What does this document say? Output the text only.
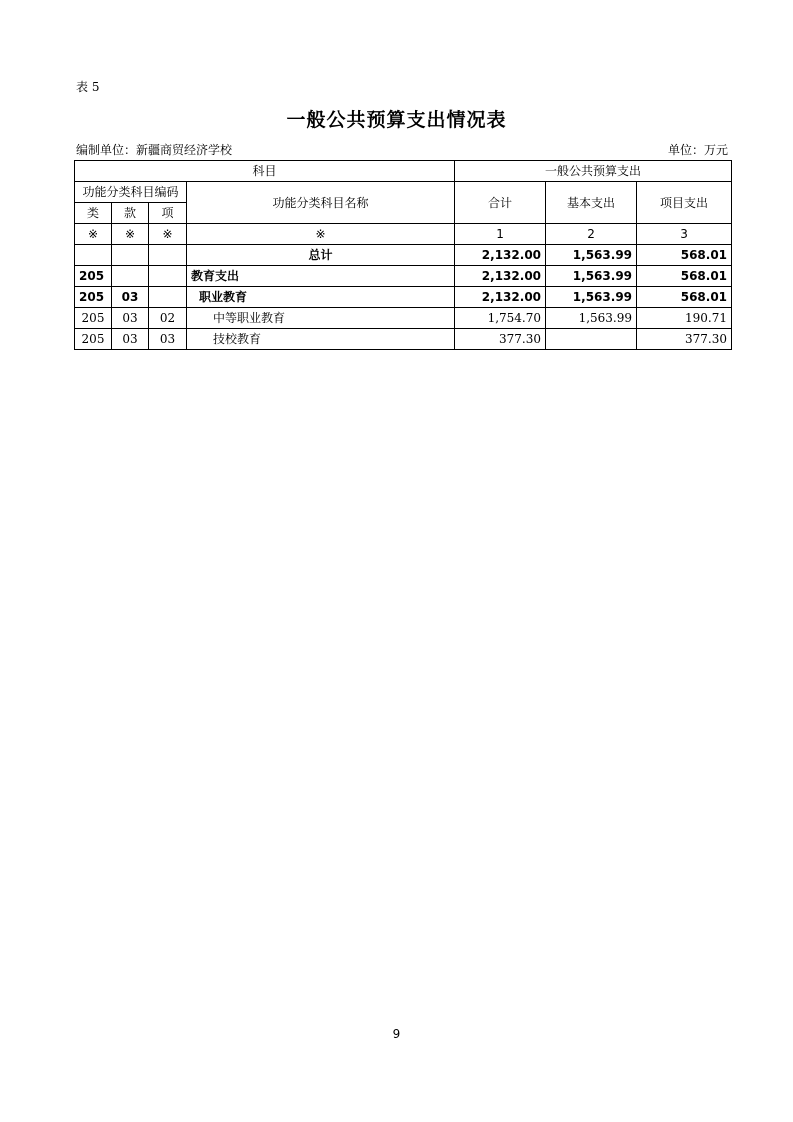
表 5
一般公共预算支出情况表
编制单位：新疆商贸经济学校	单位：万元
科目				一般公共预算支出		
功能分类科目编码			功能分类科目名称	合计	基本支出	项目支出
类	款	项				
※	※	※	※	1	2	3
			总计	2,132.00	1,563.99	568.01
205			教育支出	2,132.00	1,563.99	568.01
205	03		职业教育	2,132.00	1,563.99	568.01
205	03	02	中等职业教育	1,754.70	1,563.99	190.71
205	03	03	技校教育	377.30		377.30
9
